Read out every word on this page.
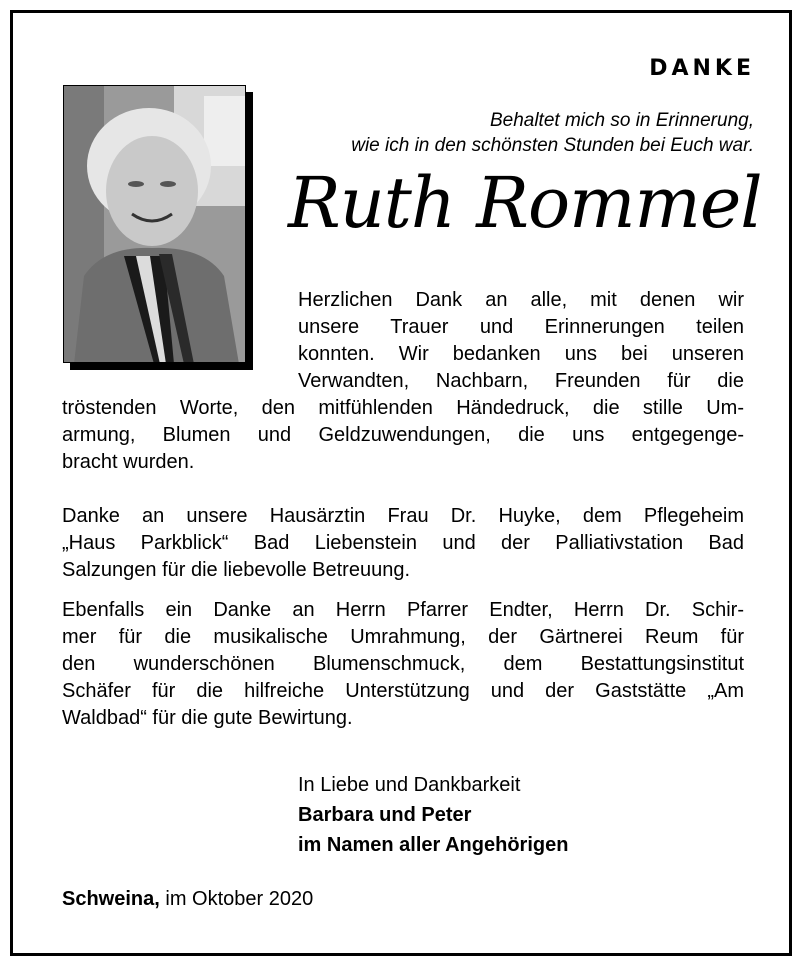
DANKE
Behaltet mich so in Erinnerung,
wie ich in den schönsten Stunden bei Euch war.
Ruth Rommel
Herzlichen Dank an alle, mit denen wir
unsere Trauer und Erinnerungen teilen
konnten. Wir bedanken uns bei unseren
Verwandten, Nachbarn, Freunden für die
tröstenden Worte, den mitfühlenden Händedruck, die stille Um-
armung, Blumen und Geldzuwendungen, die uns entgegenge-
bracht wurden.
Danke an unsere Hausärztin Frau Dr. Huyke, dem Pflegeheim
„Haus Parkblick“ Bad Liebenstein und der Palliativstation Bad
Salzungen für die liebevolle Betreuung.
Ebenfalls ein Danke an Herrn Pfarrer Endter, Herrn Dr. Schir-
mer für die musikalische Umrahmung, der Gärtnerei Reum für
den wunderschönen Blumenschmuck, dem Bestattungsinstitut
Schäfer für die hilfreiche Unterstützung und der Gaststätte „Am
Waldbad“ für die gute Bewirtung.
In Liebe und Dankbarkeit
Barbara und Peter
im Namen aller Angehörigen
Schweina, im Oktober 2020
